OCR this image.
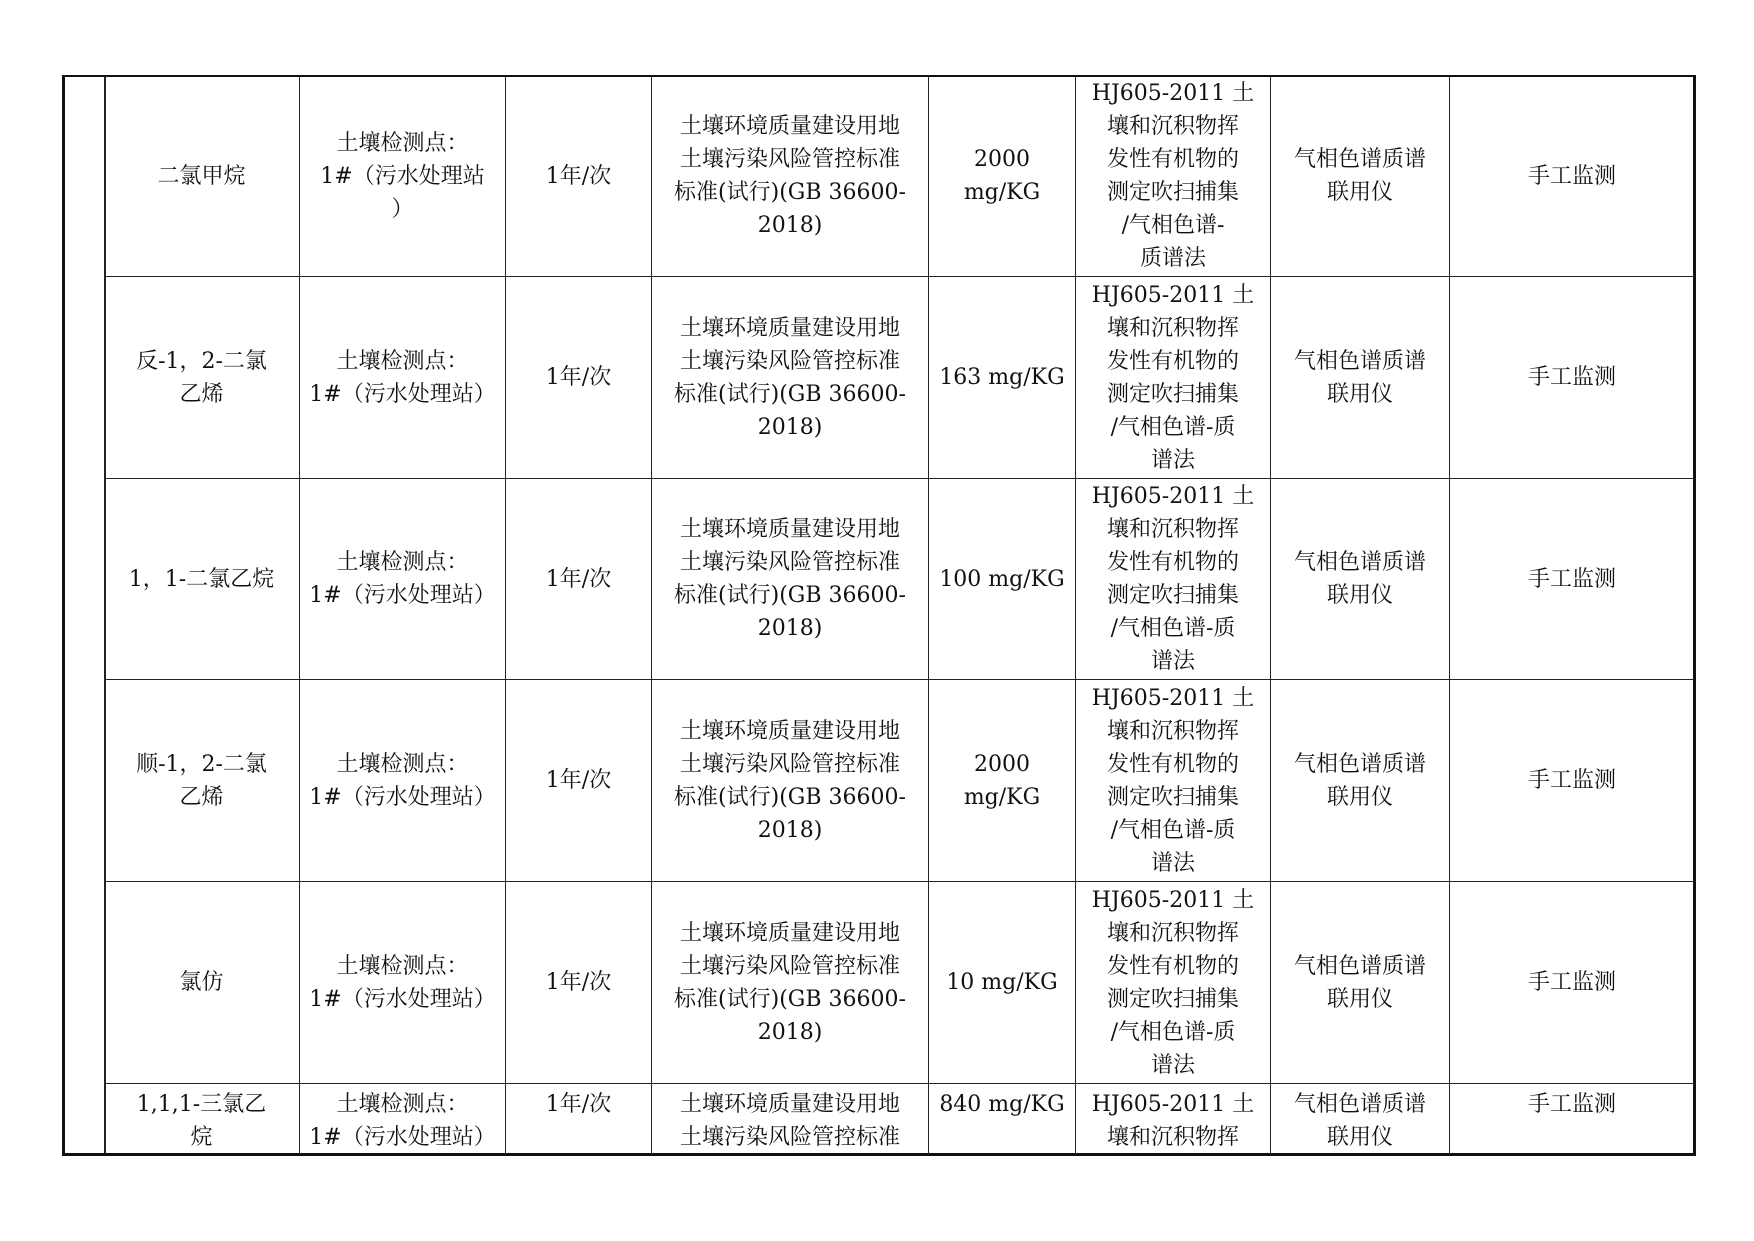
二氯甲烷
土壤检测点：
1#（污水处理站
）
1年/次
土壤环境质量建设用地
土壤污染风险管控标准
标准(试行)(GB 36600-
2018)
2000
mg/KG
HJ605-2011 土
壤和沉积物挥
发性有机物的
测定吹扫捕集
/气相色谱-
质谱法
气相色谱质谱
联用仪
手工监测
反-1，2-二氯
乙烯
土壤检测点：
1#（污水处理站）
1年/次
土壤环境质量建设用地
土壤污染风险管控标准
标准(试行)(GB 36600-
2018)
163 mg/KG
HJ605-2011 土
壤和沉积物挥
发性有机物的
测定吹扫捕集
/气相色谱-质
谱法
气相色谱质谱
联用仪
手工监测
1，1-二氯乙烷
土壤检测点：
1#（污水处理站）
1年/次
土壤环境质量建设用地
土壤污染风险管控标准
标准(试行)(GB 36600-
2018)
100 mg/KG
HJ605-2011 土
壤和沉积物挥
发性有机物的
测定吹扫捕集
/气相色谱-质
谱法
气相色谱质谱
联用仪
手工监测
顺-1，2-二氯
乙烯
土壤检测点：
1#（污水处理站）
1年/次
土壤环境质量建设用地
土壤污染风险管控标准
标准(试行)(GB 36600-
2018)
2000
mg/KG
HJ605-2011 土
壤和沉积物挥
发性有机物的
测定吹扫捕集
/气相色谱-质
谱法
气相色谱质谱
联用仪
手工监测
氯仿
土壤检测点：
1#（污水处理站）
1年/次
土壤环境质量建设用地
土壤污染风险管控标准
标准(试行)(GB 36600-
2018)
10 mg/KG
HJ605-2011 土
壤和沉积物挥
发性有机物的
测定吹扫捕集
/气相色谱-质
谱法
气相色谱质谱
联用仪
手工监测
1,1,1-三氯乙
烷
土壤检测点：
1#（污水处理站）
1年/次	土壤环境质量建设用地
土壤污染风险管控标准
840 mg/KG	HJ605-2011 土
壤和沉积物挥
气相色谱质谱
联用仪
手工监测
